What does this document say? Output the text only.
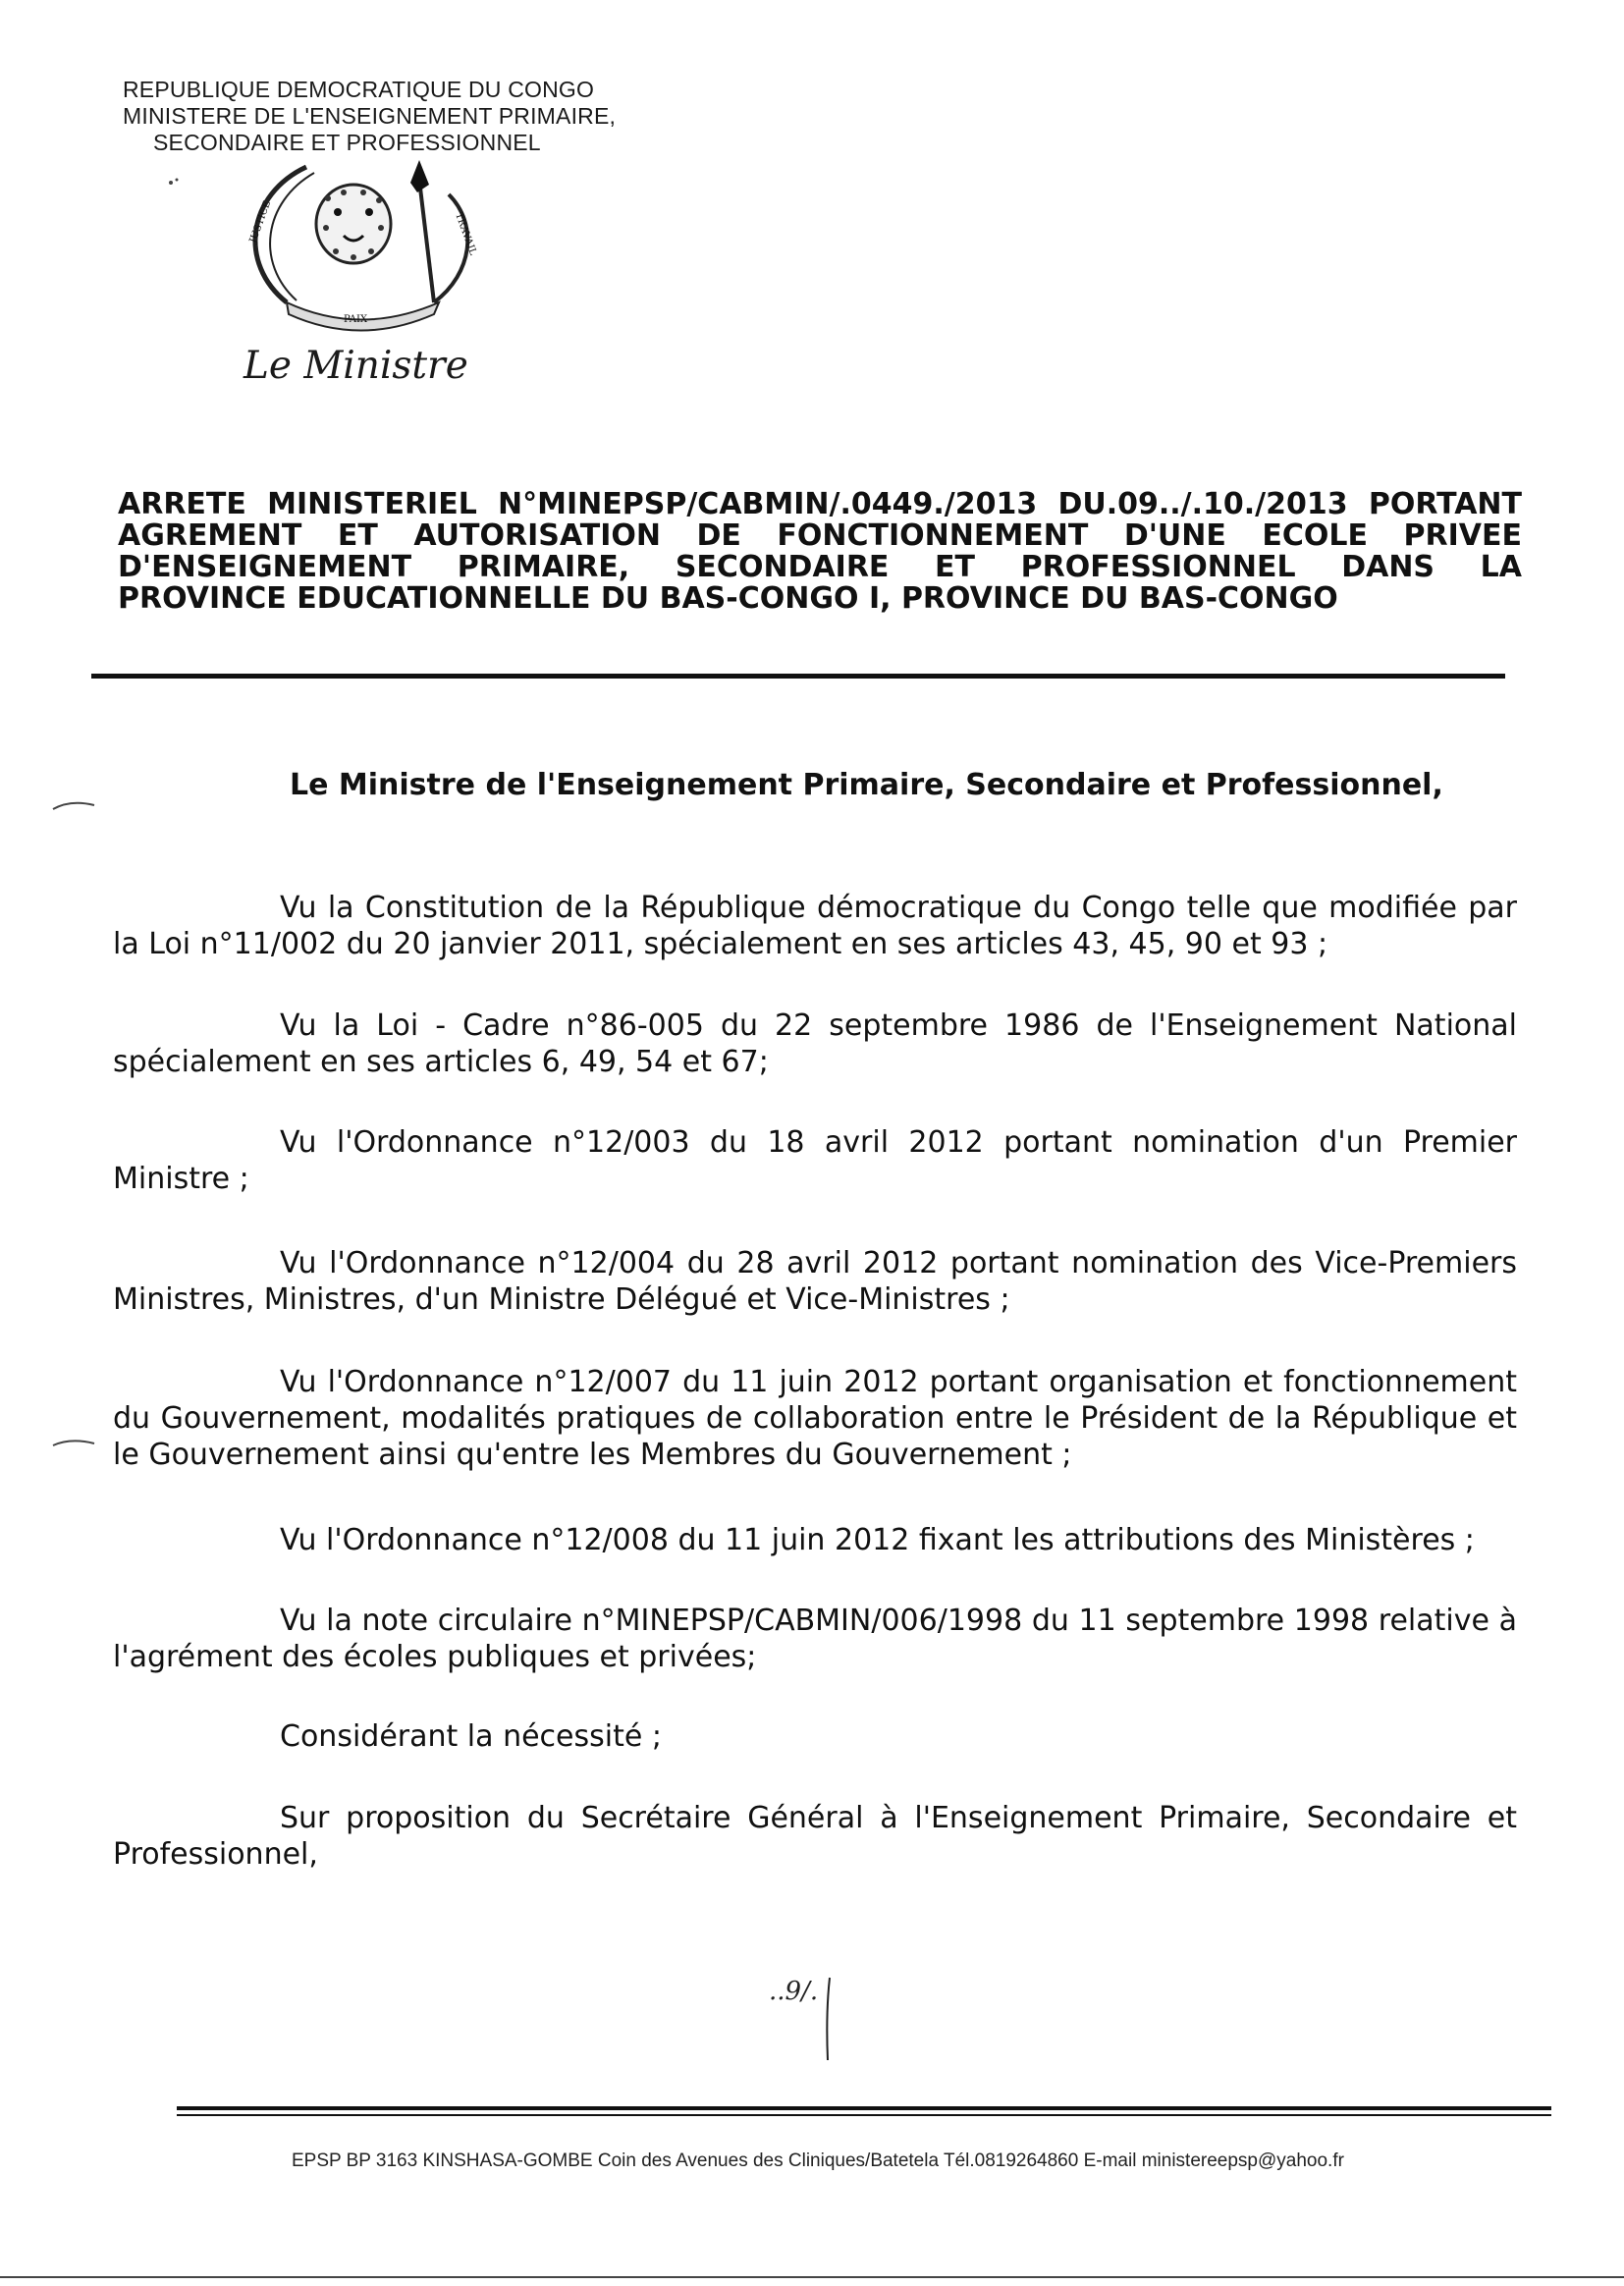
REPUBLIQUE DEMOCRATIQUE DU CONGO
MINISTERE DE L'ENSEIGNEMENT PRIMAIRE,
SECONDAIRE ET PROFESSIONNEL
PAIX
JUSTICE	TRAVAIL
Le Ministre
ARRETE MINISTERIEL N°MINEPSP/CABMIN/.0449./2013 DU.09../.10./2013 PORTANT
AGREMENT ET AUTORISATION DE FONCTIONNEMENT D'UNE ECOLE PRIVEE
D'ENSEIGNEMENT PRIMAIRE, SECONDAIRE ET PROFESSIONNEL DANS LA
PROVINCE EDUCATIONNELLE DU BAS-CONGO I, PROVINCE DU BAS-CONGO
Le Ministre de l'Enseignement Primaire, Secondaire et Professionnel,

Vu la Constitution de la République démocratique du Congo telle que modifiée par la Loi n°11/002 du 20 janvier 2011, spécialement en ses articles 43, 45, 90 et 93 ;

Vu la Loi - Cadre n°86-005 du 22 septembre 1986 de l'Enseignement National spécialement en ses articles 6, 49, 54 et 67;

Vu l'Ordonnance n°12/003 du 18 avril 2012 portant nomination d'un Premier Ministre ;

Vu l'Ordonnance n°12/004 du 28 avril 2012 portant nomination des Vice-Premiers Ministres, Ministres, d'un Ministre Délégué et Vice-Ministres ;

Vu l'Ordonnance n°12/007 du 11 juin 2012 portant organisation et fonctionnement du Gouvernement, modalités pratiques de collaboration entre le Président de la République et le Gouvernement ainsi qu'entre les Membres du Gouvernement ;

Vu l'Ordonnance n°12/008 du 11 juin 2012 fixant les attributions des Ministères ;

Vu la note circulaire n°MINEPSP/CABMIN/006/1998 du 11 septembre 1998 relative à l'agrément des écoles publiques et privées;

Considérant la nécessité ;

Sur proposition du Secrétaire Général à l'Enseignement Primaire, Secondaire et Professionnel,

..9/.
EPSP BP 3163 KINSHASA-GOMBE Coin des Avenues des Cliniques/Batetela Tél.0819264860 E-mail ministereepsp@yahoo.fr
